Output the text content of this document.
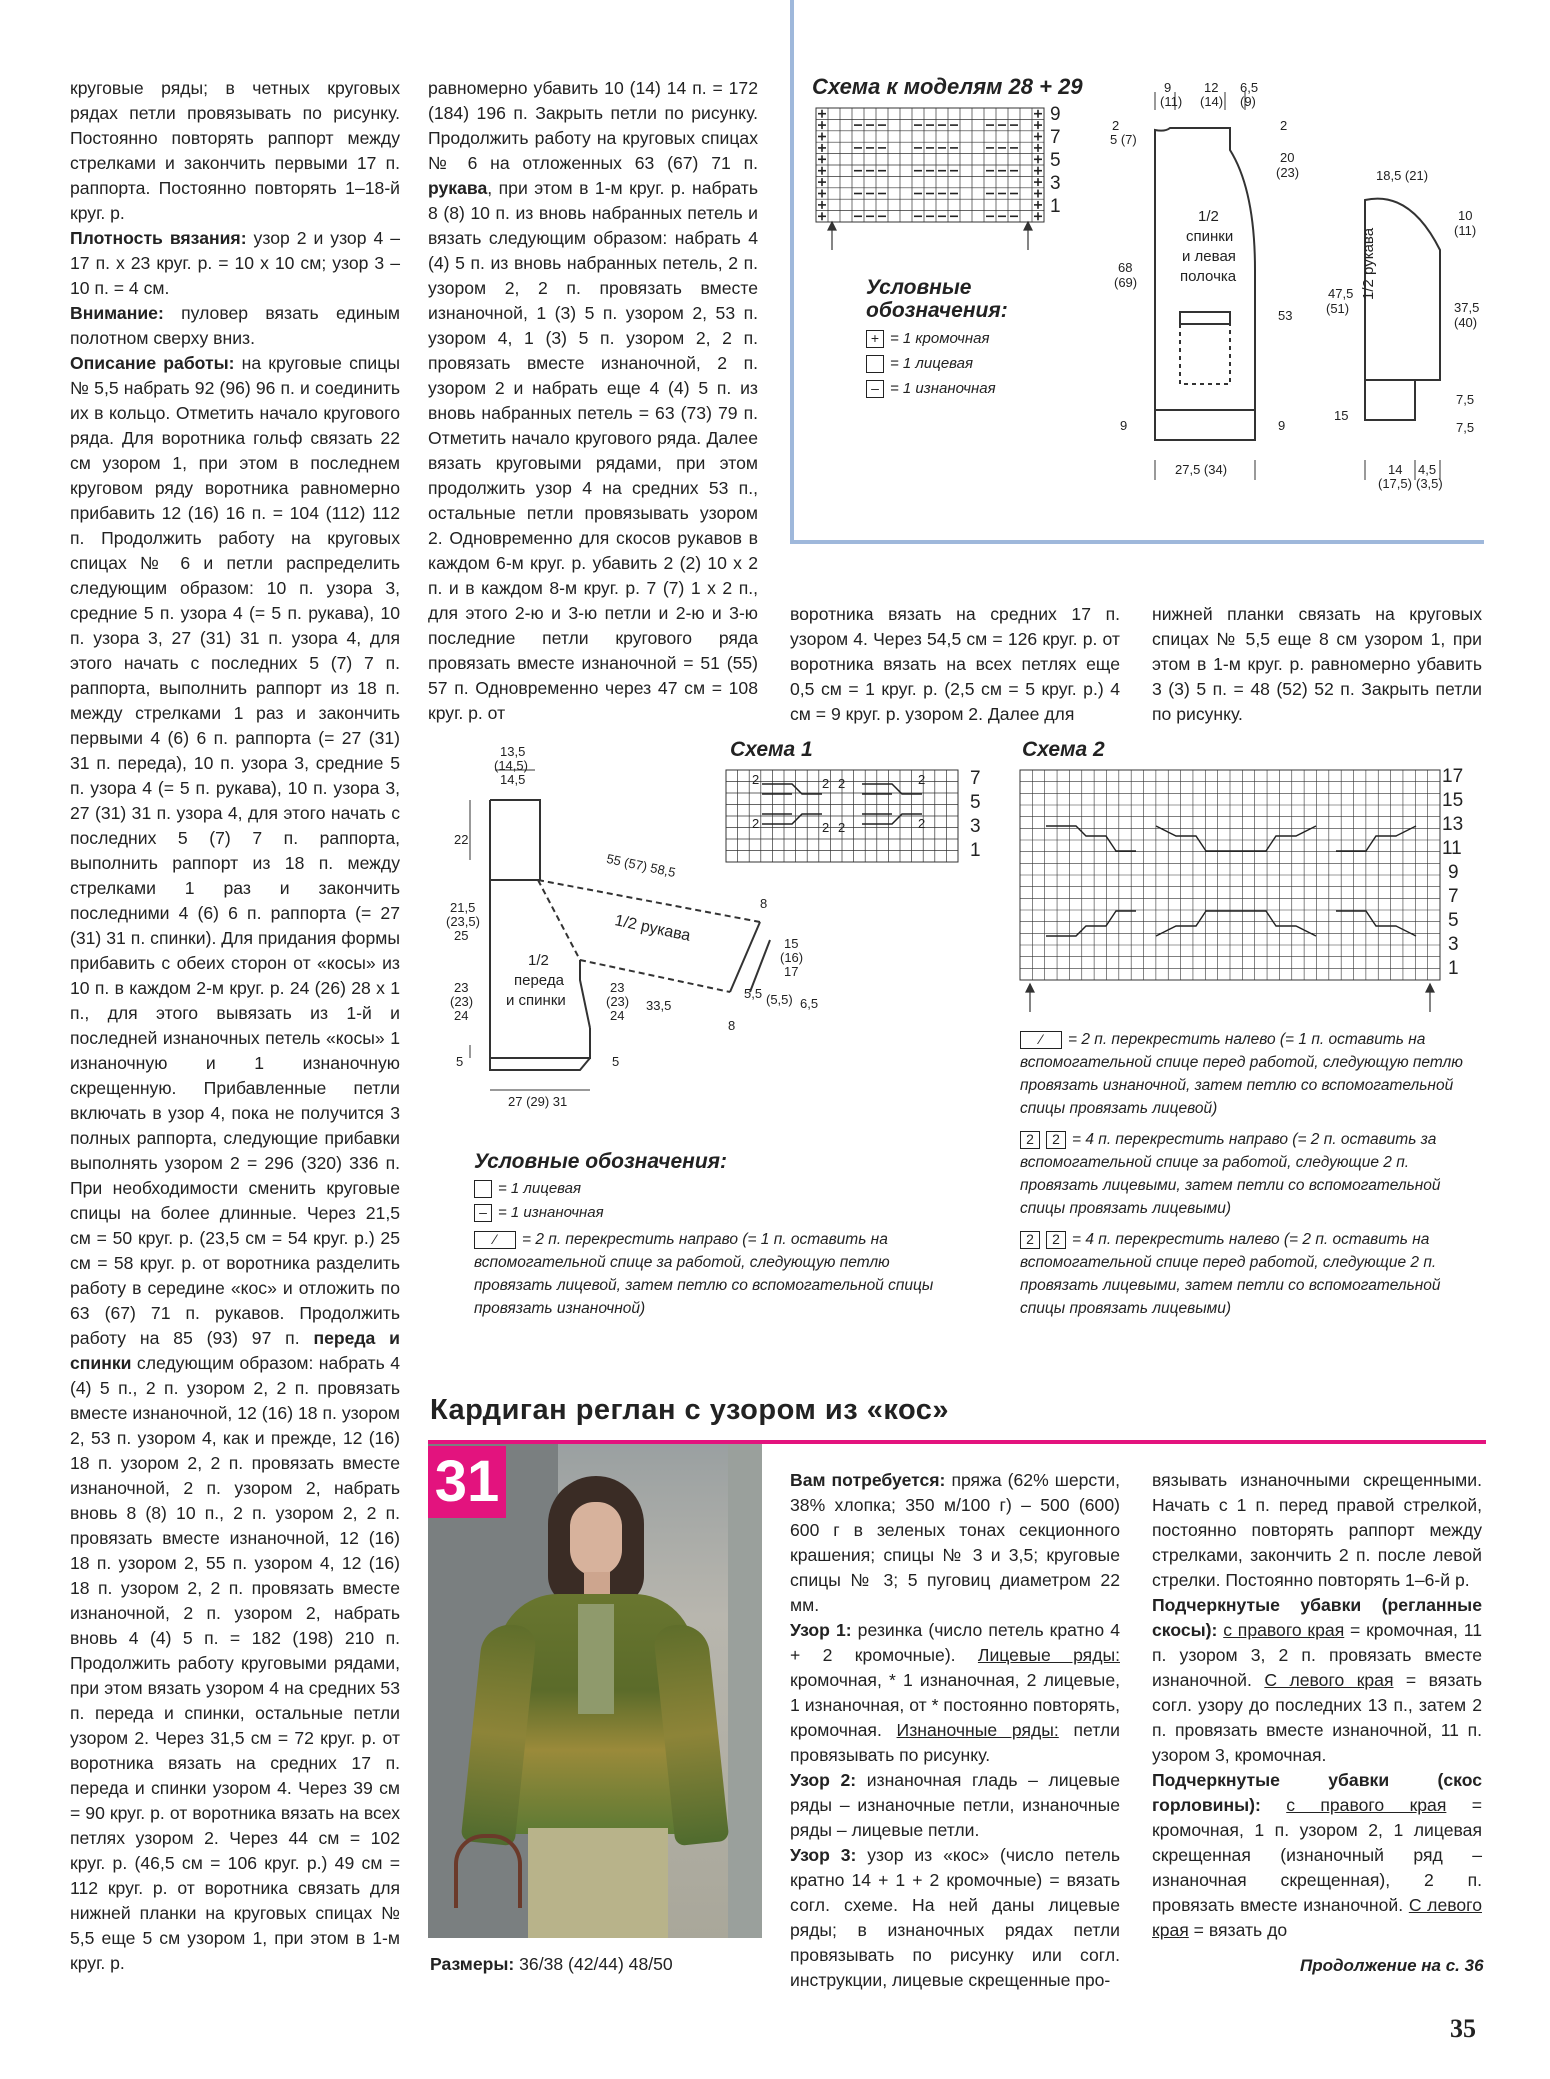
круговые ряды; в четных круговых рядах петли провязывать по рисунку. Постоянно повторять раппорт между стрелками и закончить первыми 17 п. раппорта. Постоянно повторять 1–18-й круг. р.
Плотность вязания: узор 2 и узор 4 – 17 п. х 23 круг. р. = 10 х 10 см; узор 3 – 10 п. = 4 см.
Внимание: пуловер вязать единым полотном сверху вниз.
Описание работы: на круговые спицы № 5,5 набрать 92 (96) 96 п. и соединить их в кольцо. Отметить начало кругового ряда. Для воротника гольф связать 22 см узором 1, при этом в последнем круговом ряду воротника равномерно прибавить 12 (16) 16 п. = 104 (112) 112 п. Продолжить работу на круговых спицах № 6 и петли распределить следующим образом: 10 п. узора 3, средние 5 п. узора 4 (= 5 п. рукава), 10 п. узора 3, 27 (31) 31 п. узора 4, для этого начать с последних 5 (7) 7 п. раппорта, выполнить раппорт из 18 п. между стрелками 1 раз и закончить первыми 4 (6) 6 п. раппорта (= 27 (31) 31 п. переда), 10 п. узора 3, средние 5 п. узора 4 (= 5 п. рукава), 10 п. узора 3, 27 (31) 31 п. узора 4, для этого начать с последних 5 (7) 7 п. раппорта, выполнить раппорт из 18 п. между стрелками 1 раз и закончить последними 4 (6) 6 п. раппорта (= 27 (31) 31 п. спинки). Для придания формы прибавить с обеих сторон от «косы» из 10 п. в каждом 2-м круг. р. 24 (26) 28 х 1 п., для этого вывязать из 1-й и последней изнаночных петель «косы» 1 изнаночную и 1 изнаночную скрещенную. Прибавленные петли включать в узор 4, пока не получится 3 полных раппорта, следующие прибавки выполнять узором 2 = 296 (320) 336 п. При необходимости сменить круговые спицы на более длинные. Через 21,5 см = 50 круг. р. (23,5 см = 54 круг. р.) 25 см = 58 круг. р. от воротника разделить работу в середине «кос» и отложить по 63 (67) 71 п. рукавов. Продолжить работу на 85 (93) 97 п. переда и спинки следующим образом: набрать 4 (4) 5 п., 2 п. узором 2, 2 п. провязать вместе изнаночной, 12 (16) 18 п. узором 2, 53 п. узором 4, как и прежде, 12 (16) 18 п. узором 2, 2 п. провязать вместе изнаночной, 2 п. узором 2, набрать вновь 8 (8) 10 п., 2 п. узором 2, 2 п. провязать вместе изнаночной, 12 (16) 18 п. узором 2, 55 п. узором 4, 12 (16) 18 п. узором 2, 2 п. провязать вместе изнаночной, 2 п. узором 2, набрать вновь 4 (4) 5 п. = 182 (198) 210 п. Продолжить работу круговыми рядами, при этом вязать узором 4 на средних 53 п. переда и спинки, остальные петли узором 2. Через 31,5 см = 72 круг. р. от воротника вязать на средних 17 п. переда и спинки узором 4. Через 39 см = 90 круг. р. от воротника вязать на всех петлях узором 2. Через 44 см = 102 круг. р. (46,5 см = 106 круг. р.) 49 см = 112 круг. р. от воротника связать для нижней планки на круговых спицах № 5,5 еще 5 см узором 1, при этом в 1-м круг. р.

равномерно убавить 10 (14) 14 п. = 172 (184) 196 п. Закрыть петли по рисунку. Продолжить работу на круговых спицах № 6 на отложенных 63 (67) 71 п. рукава, при этом в 1-м круг. р. набрать 8 (8) 10 п. из вновь набранных петель и вязать следующим образом: набрать 4 (4) 5 п. из вновь набранных петель, 2 п. узором 2, 2 п. провязать вместе изнаночной, 1 (3) 5 п. узором 2, 53 п. узором 4, 1 (3) 5 п. узором 2, 2 п. провязать вместе изнаночной, 2 п. узором 2 и набрать еще 4 (4) 5 п. из вновь набранных петель = 63 (73) 79 п. Отметить начало кругового ряда. Далее вязать круговыми рядами, при этом продолжить узор 4 на средних 53 п., остальные петли провязывать узором 2. Одновременно для скосов рукавов в каждом 6-м круг. р. убавить 2 (2) 10 х 2 п. и в каждом 8-м круг. р. 7 (7) 1 х 2 п., для этого 2-ю и 3-ю петли и 2-ю и 3-ю последние петли кругового ряда провязать вместе изнаночной = 51 (55) 57 п. Одновременно через 47 см = 108 круг. р. от

воротника вязать на средних 17 п. узором 4. Через 54,5 см = 126 круг. р. от воротника вязать на всех петлях еще 0,5 см = 1 круг. р. (2,5 см = 5 круг. р.) 4 см = 9 круг. р. узором 2. Далее для

нижней планки связать на круговых спицах № 5,5 еще 8 см узором 1, при этом в 1-м круг. р. равномерно убавить 3 (3) 5 п. = 48 (52) 52 п. Закрыть петли по рисунку.

Схема к моделям 28 + 29
9
7
5
3
1
Условные обозначения:
+ = 1 кромочная
= 1 лицевая
– = 1 изнаночная
9
(11)
12
(14)
6,5
(9)
2
5 (7)
20
(23)
1/2
спинки
и левая
полочка
68
(69)
53
9	9
27,5 (34)
2
18,5 (21)
10
(11)
47,5
(51)
1/2 рукава
37,5
(40)
15
7,5
7,5
14
(17,5)
4,5
(3,5)
13,5
(14,5)
14,5
22
55 (57) 58,5
8
21,5
(23,5)
25	1/2 рукава	15
(16)
17
1/2
переда
и спинки
23
(23)
24
23
(23)
24
33,5
5,5 (5,5) 6,5
8
5	5
27 (29) 31
Условные обозначения:
= 1 лицевая
– = 1 изнаночная
⁄ = 2 п. перекрестить направо (= 1 п. оставить на вспомогательной спице за работой, следующую петлю провязать лицевой, затем петлю со вспомогательной спицы провязать изнаночной)
Схема 1
2	2 2	2
2	2 2	2
7
5
3
1
Схема 2
17
15
13
11
9
7
5
3
1
⁄ = 2 п. перекрестить налево (= 1 п. оставить на вспомогательной спице перед работой, следующую петлю провязать изнаночной, затем петлю со вспомогательной спицы провязать лицевой)
2 2 = 4 п. перекрестить направо (= 2 п. оставить за вспомогательной спице за работой, следующие 2 п. провязать лицевыми, затем петли со вспомогательной спицы провязать лицевыми)
2 2 = 4 п. перекрестить налево (= 2 п. оставить на вспомогательной спице перед работой, следующие 2 п. провязать лицевыми, затем петли со вспомогательной спицы провязать лицевыми)
Кардиган реглан с узором из «кос»
31
Размеры: 36/38 (42/44) 48/50

Вам потребуется: пряжа (62% шерсти, 38% хлопка; 350 м/100 г) – 500 (600) 600 г в зеленых тонах секционного крашения; спицы № 3 и 3,5; круговые спицы № 3; 5 пуговиц диаметром 22 мм.

Узор 1: резинка (число петель кратно 4 + 2 кромочные). Лицевые ряды: кромочная, * 1 изнаночная, 2 лицевые, 1 изнаночная, от * постоянно повторять, кромочная. Изнаночные ряды: петли провязывать по рисунку.

Узор 2: изнаночная гладь – лицевые ряды – изнаночные петли, изнаночные ряды – лицевые петли.

Узор 3: узор из «кос» (число петель кратно 14 + 1 + 2 кромочные) = вязать согл. схеме. На ней даны лицевые ряды; в изнаночных рядах петли провязывать по рисунку или согл. инструкции, лицевые скрещенные про-

вязывать изнаночными скрещенными. Начать с 1 п. перед правой стрелкой, постоянно повторять раппорт между стрелками, закончить 2 п. после левой стрелки. Постоянно повторять 1–6-й р.

Подчеркнутые убавки (регланные скосы): с правого края = кромочная, 11 п. узором 3, 2 п. провязать вместе изнаночной. С левого края = вязать согл. узору до последних 13 п., затем 2 п. провязать вместе изнаночной, 11 п. узором 3, кромочная.

Подчеркнутые убавки (скос горловины): с правого края = кромочная, 1 п. узором 2, 1 лицевая скрещенная (изнаночный ряд – изнаночная скрещенная), 2 п. провязать вместе изнаночной. С левого края = вязать до

Продолжение на с. 36
35
